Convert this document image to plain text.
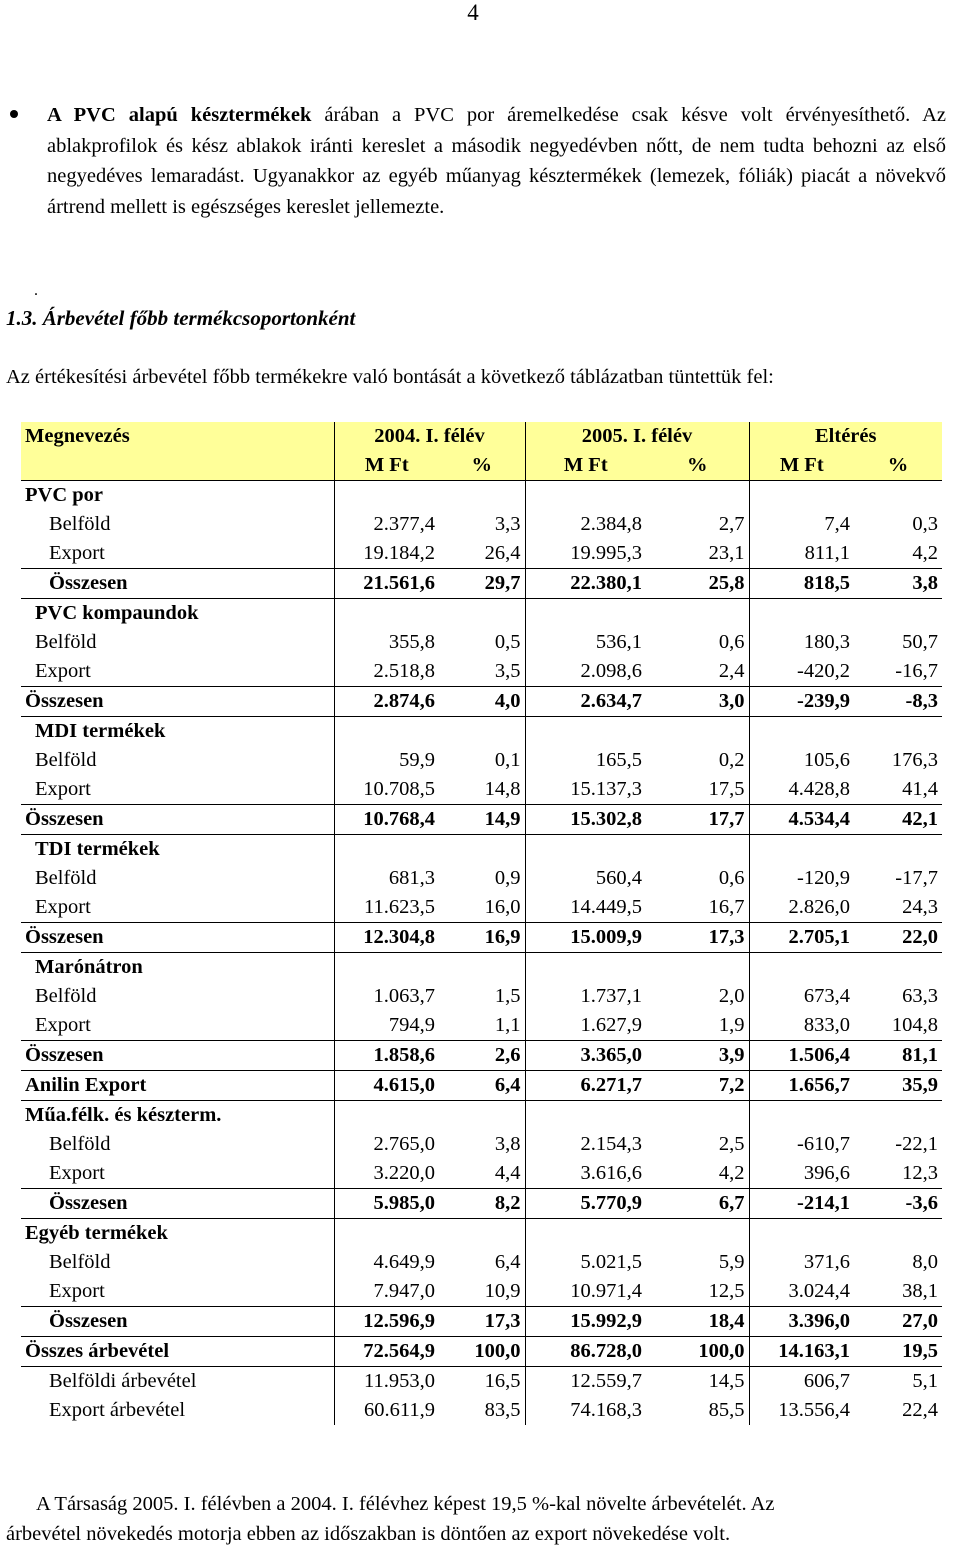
4
A PVC alapú késztermékek árában a PVC por áremelkedése csak késve volt érvényesíthető. Az ablakprofilok és kész ablakok iránti kereslet a második negyedévben nőtt, de nem tudta behozni az első negyedéves lemaradást. Ugyanakkor az egyéb műanyag késztermékek (lemezek, fóliák) piacát a növekvő ártrend mellett is egészséges kereslet jellemezte.
.
1.3. Árbevétel főbb termékcsoportonként
Az értékesítési árbevétel főbb termékekre való bontását a következő táblázatban tüntettük fel:
Megnevezés	2004. I. félév		2005. I. félév		Eltérés	
	M Ft	%	M Ft	%	M Ft	%
PVC por						
Belföld	2.377,4	3,3	2.384,8	2,7	7,4	0,3
Export	19.184,2	26,4	19.995,3	23,1	811,1	4,2
Összesen	21.561,6	29,7	22.380,1	25,8	818,5	3,8
PVC kompaundok						
Belföld	355,8	0,5	536,1	0,6	180,3	50,7
Export	2.518,8	3,5	2.098,6	2,4	-420,2	-16,7
Összesen	2.874,6	4,0	2.634,7	3,0	-239,9	-8,3
MDI termékek						
Belföld	59,9	0,1	165,5	0,2	105,6	176,3
Export	10.708,5	14,8	15.137,3	17,5	4.428,8	41,4
Összesen	10.768,4	14,9	15.302,8	17,7	4.534,4	42,1
TDI termékek						
Belföld	681,3	0,9	560,4	0,6	-120,9	-17,7
Export	11.623,5	16,0	14.449,5	16,7	2.826,0	24,3
Összesen	12.304,8	16,9	15.009,9	17,3	2.705,1	22,0
Marónátron						
Belföld	1.063,7	1,5	1.737,1	2,0	673,4	63,3
Export	794,9	1,1	1.627,9	1,9	833,0	104,8
Összesen	1.858,6	2,6	3.365,0	3,9	1.506,4	81,1
Anilin Export	4.615,0	6,4	6.271,7	7,2	1.656,7	35,9
Műa.félk. és készterm.						
Belföld	2.765,0	3,8	2.154,3	2,5	-610,7	-22,1
Export	3.220,0	4,4	3.616,6	4,2	396,6	12,3
Összesen	5.985,0	8,2	5.770,9	6,7	-214,1	-3,6
Egyéb termékek						
Belföld	4.649,9	6,4	5.021,5	5,9	371,6	8,0
Export	7.947,0	10,9	10.971,4	12,5	3.024,4	38,1
Összesen	12.596,9	17,3	15.992,9	18,4	3.396,0	27,0
Összes árbevétel	72.564,9	100,0	86.728,0	100,0	14.163,1	19,5
Belföldi árbevétel	11.953,0	16,5	12.559,7	14,5	606,7	5,1
Export árbevétel	60.611,9	83,5	74.168,3	85,5	13.556,4	22,4
A Társaság 2005. I. félévben a 2004. I. félévhez képest 19,5 %-kal növelte árbevételét. Az
árbevétel növekedés motorja ebben az időszakban is döntően az export növekedése volt.
